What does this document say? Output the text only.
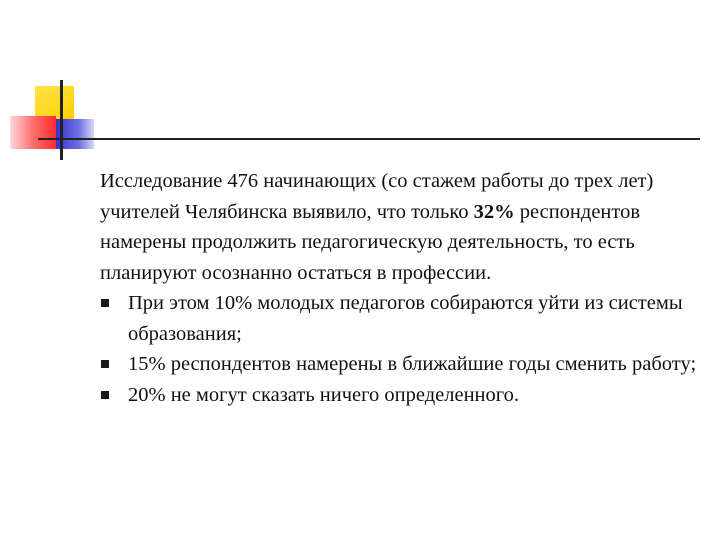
Исследование 476 начинающих (со стажем работы до трех лет) учителей Челябинска выявило, что только 32% респондентов намерены продолжить педагогическую деятельность, то есть планируют осознанно остаться в профессии.

При этом 10% молодых педагогов собираются уйти из системы образования;
15% респондентов намерены в ближайшие годы сменить работу;
20% не могут сказать ничего определенного.
